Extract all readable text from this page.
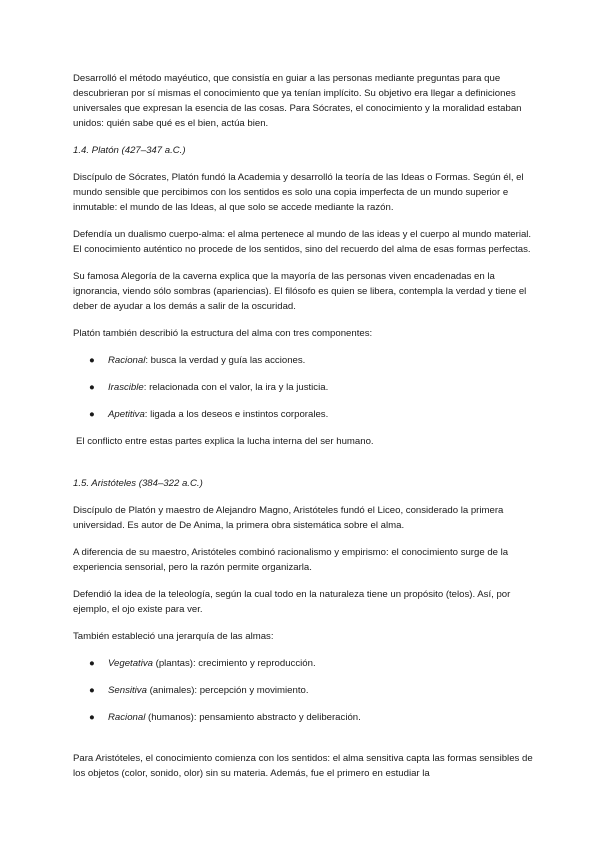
Desarrolló el método mayéutico, que consistía en guiar a las personas mediante preguntas para que descubrieran por sí mismas el conocimiento que ya tenían implícito. Su objetivo era llegar a definiciones universales que expresan la esencia de las cosas. Para Sócrates, el conocimiento y la moralidad estaban unidos: quién sabe qué es el bien, actúa bien.

1.4. Platón (427–347 a.C.)

Discípulo de Sócrates, Platón fundó la Academia y desarrolló la teoría de las Ideas o Formas. Según él, el mundo sensible que percibimos con los sentidos es solo una copia imperfecta de un mundo superior e inmutable: el mundo de las Ideas, al que solo se accede mediante la razón.

Defendía un dualismo cuerpo-alma: el alma pertenece al mundo de las ideas y el cuerpo al mundo material. El conocimiento auténtico no procede de los sentidos, sino del recuerdo del alma de esas formas perfectas.

Su famosa Alegoría de la caverna explica que la mayoría de las personas viven encadenadas en la ignorancia, viendo sólo sombras (apariencias). El filósofo es quien se libera, contempla la verdad y tiene el deber de ayudar a los demás a salir de la oscuridad.

Platón también describió la estructura del alma con tres componentes:

● Racional: busca la verdad y guía las acciones.
● Irascible: relacionada con el valor, la ira y la justicia.
● Apetitiva: ligada a los deseos e instintos corporales.

El conflicto entre estas partes explica la lucha interna del ser humano.

1.5. Aristóteles (384–322 a.C.)

Discípulo de Platón y maestro de Alejandro Magno, Aristóteles fundó el Liceo, considerado la primera universidad. Es autor de De Anima, la primera obra sistemática sobre el alma.

A diferencia de su maestro, Aristóteles combinó racionalismo y empirismo: el conocimiento surge de la experiencia sensorial, pero la razón permite organizarla.

Defendió la idea de la teleología, según la cual todo en la naturaleza tiene un propósito (telos). Así, por ejemplo, el ojo existe para ver.

También estableció una jerarquía de las almas:

● Vegetativa (plantas): crecimiento y reproducción.
● Sensitiva (animales): percepción y movimiento.
● Racional (humanos): pensamiento abstracto y deliberación.

Para Aristóteles, el conocimiento comienza con los sentidos: el alma sensitiva capta las formas sensibles de los objetos (color, sonido, olor) sin su materia. Además, fue el primero en estudiar la
